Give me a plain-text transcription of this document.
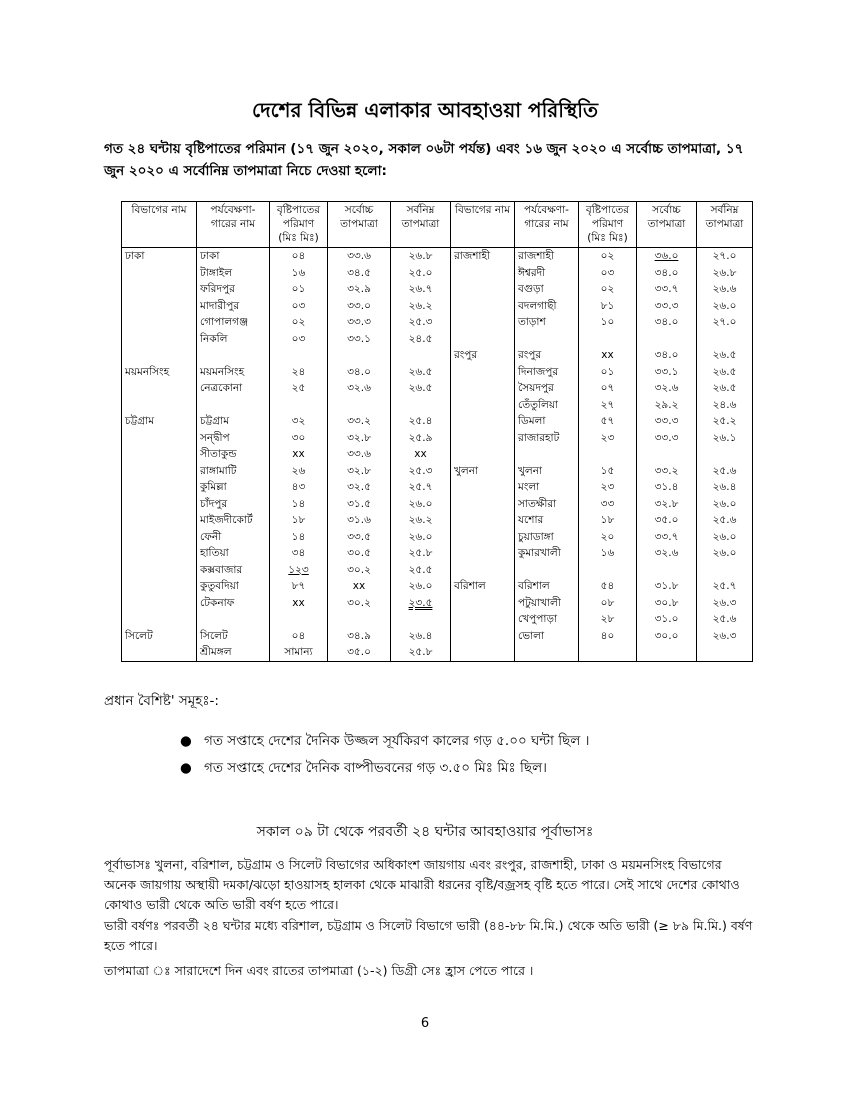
দেশের বিভিন্ন এলাকার আবহাওয়া পরিস্থিতি
গত ২৪ ঘন্টায় বৃষ্টিপাতের পরিমান (১৭ জুন ২০২০, সকাল ০৬টা পর্যন্ত) এবং ১৬ জুন ২০২০ এ সর্বোচ্চ তাপমাত্রা, ১৭ জুন ২০২০ এ সর্বোনিম্ন তাপমাত্রা নিচে দেওয়া হলো:
বিভাগের নাম	পর্যবেক্ষণা- গারের নাম	বৃষ্টিপাতের পরিমাণ (মিঃ মিঃ)	সর্বোচ্চ তাপমাত্রা	সর্বনিম্ন তাপমাত্রা	বিভাগের নাম	পর্যবেক্ষণা- গারের নাম	বৃষ্টিপাতের পরিমাণ (মিঃ মিঃ)	সর্বোচ্চ তাপমাত্রা	সর্বনিম্ন তাপমাত্রা
ঢাকা	ঢাকা	০৪	৩৩.৬	২৬.৮	রাজশাহী	রাজশাহী	০২	৩৬.০	২৭.০
	টাঙ্গাইল	১৬	৩৪.৫	২৫.০		ঈশ্বরদী	০৩	৩৪.০	২৬.৮
	ফরিদপুর	০১	৩২.৯	২৬.৭		বগুড়া	০২	৩৩.৭	২৬.৬
	মাদারীপুর	০৩	৩৩.০	২৬.২		বদলগাছী	৮১	৩৩.৩	২৬.০
	গোপালগঞ্জ	০২	৩৩.৩	২৫.৩		তাড়াশ	১০	৩৪.০	২৭.০
	নিকলি	০৩	৩৩.১	২৪.৫					
					রংপুর	রংপুর	xx	৩৪.০	২৬.৫
ময়মনসিংহ	ময়মনসিংহ	২৪	৩৪.০	২৬.৫		দিনাজপুর	০১	৩৩.১	২৬.৫
	নেত্রকোনা	২৫	৩২.৬	২৬.৫		সৈয়দপুর	০৭	৩২.৬	২৬.৫
						তেঁতুলিয়া	২৭	২৯.২	২৪.৬
চট্টগ্রাম	চট্টগ্রাম	৩২	৩৩.২	২৫.৪		ডিমলা	৫৭	৩৩.৩	২৫.২
	সন্দ্বীপ	৩০	৩২.৮	২৫.৯		রাজারহাট	২৩	৩৩.৩	২৬.১
	সীতাকুন্ড	xx	৩৩.৬	xx					
	রাঙ্গামাটি	২৬	৩২.৮	২৫.৩	খুলনা	খুলনা	১৫	৩৩.২	২৫.৬
	কুমিল্লা	৪৩	৩২.৫	২৫.৭		মংলা	২৩	৩১.৪	২৬.৪
	চাঁদপুর	১৪	৩১.৫	২৬.০		সাতক্ষীরা	৩৩	৩২.৮	২৬.০
	মাইজদীকোর্ট	১৮	৩১.৬	২৬.২		যশোর	১৮	৩৫.০	২৫.৬
	ফেনী	১৪	৩৩.৫	২৬.০		চুয়াডাঙ্গা	২০	৩৩.৭	২৬.০
	হাতিয়া	৩৪	৩০.৫	২৫.৮		কুমারখালী	১৬	৩২.৬	২৬.০
	কক্সবাজার	১২৩	৩০.২	২৫.৫					
	কুতুবদিয়া	৮৭	xx	২৬.০	বরিশাল	বরিশাল	৫৪	৩১.৮	২৫.৭
	টেকনাফ	xx	৩০.২	২৩.৫		পটুয়াখালী	০৮	৩০.৮	২৬.৩
						খেপুপাড়া	২৮	৩১.০	২৫.৬
সিলেট	সিলেট	০৪	৩৪.৯	২৬.৪		ভোলা	৪০	৩০.০	২৬.৩
	শ্রীমঙ্গল	সামান্য	৩৫.০	২৫.৮					
প্রধান বৈশিষ্ট' সমূহঃ-:
● গত সপ্তাহে দেশের দৈনিক উজ্জল সূর্যকিরণ কালের গড় ৫.০০ ঘন্টা ছিল ।
● গত সপ্তাহে দেশের দৈনিক বাষ্পীভবনের গড় ৩.৫০ মিঃ মিঃ ছিল।
সকাল ০৯ টা থেকে পরবর্তী ২৪ ঘন্টার আবহাওয়ার পূর্বাভাসঃ
পূর্বাভাসঃ খুলনা, বরিশাল, চট্টগ্রাম ও সিলেট বিভাগের অধিকাংশ জায়গায় এবং রংপুর, রাজশাহী, ঢাকা ও ময়মনসিংহ বিভাগের অনেক জায়গায় অস্থায়ী দমকা/ঝড়ো হাওয়াসহ হালকা থেকে মাঝারী ধরনের বৃষ্টি/বজ্রসহ বৃষ্টি হতে পারে। সেই সাথে দেশের কোথাও কোথাও ভারী থেকে অতি ভারী বর্ষণ হতে পারে।
ভারী বর্ষণঃ পরবর্তী ২৪ ঘন্টার মধ্যে বরিশাল, চট্টগ্রাম ও সিলেট বিভাগে ভারী (৪৪-৮৮ মি.মি.) থেকে অতি ভারী (≥ ৮৯ মি.মি.) বর্ষণ হতে পারে।
তাপমাত্রা ঃ সারাদেশে দিন এবং রাতের তাপমাত্রা (১-২) ডিগ্রী সেঃ হ্রাস পেতে পারে ।
6
